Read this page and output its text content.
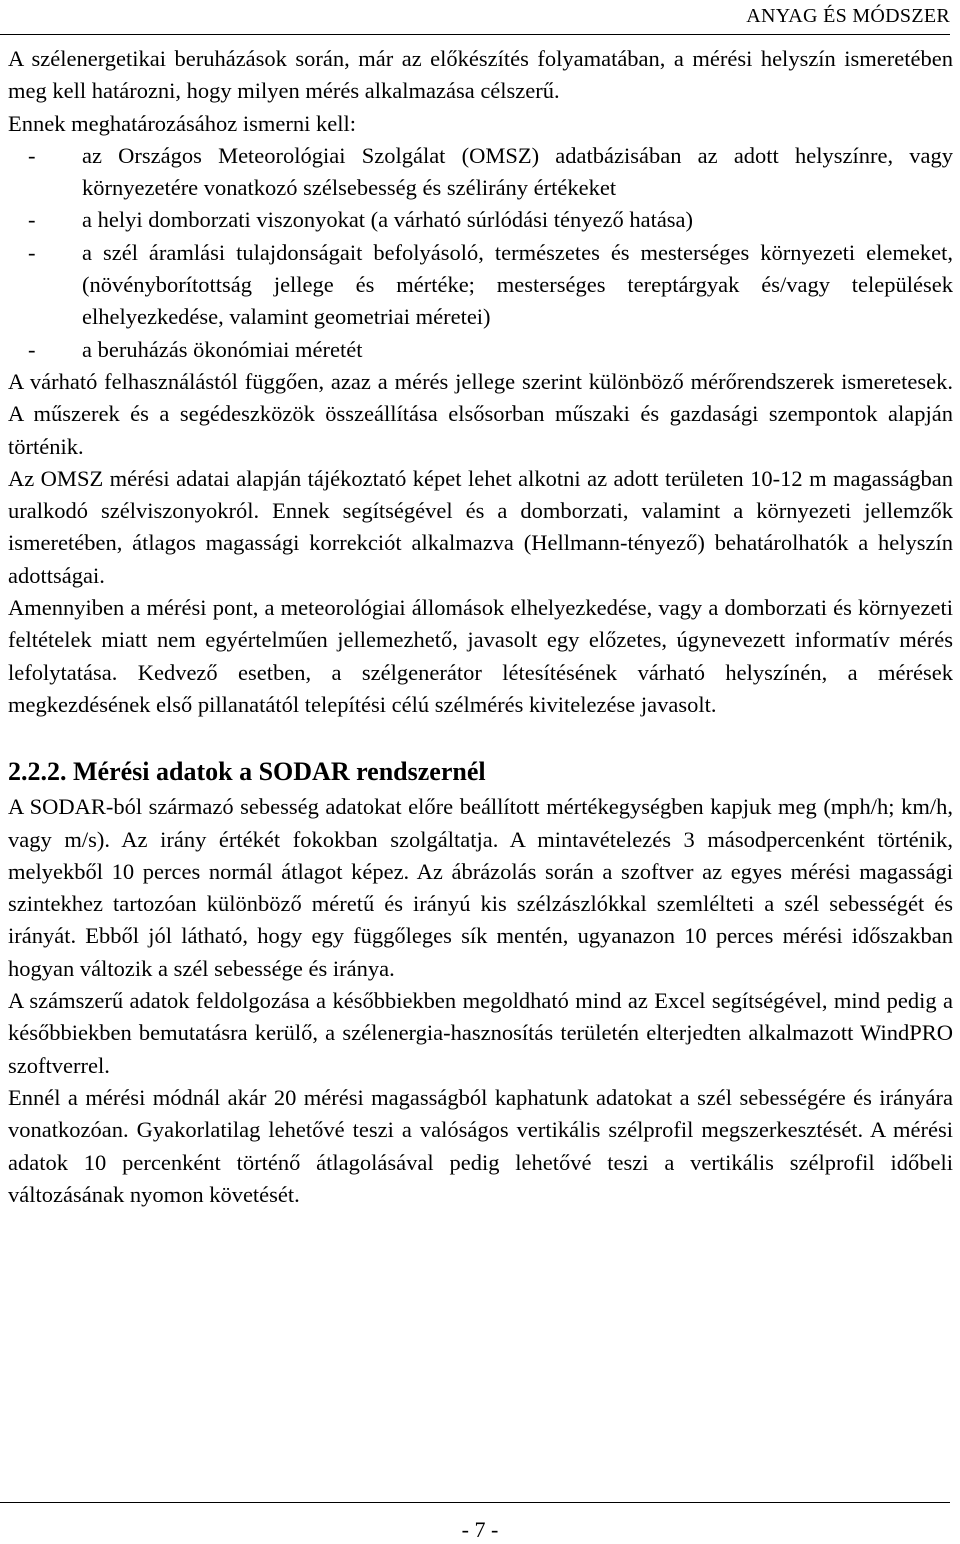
ANYAG ÉS MÓDSZER

A szélenergetikai beruházások során, már az előkészítés folyamatában, a mérési helyszín ismeretében meg kell határozni, hogy milyen mérés alkalmazása célszerű.

Ennek meghatározásához ismerni kell:

- az Országos Meteorológiai Szolgálat (OMSZ) adatbázisában az adott helyszínre, vagy környezetére vonatkozó szélsebesség és szélirány értékeket
- a helyi domborzati viszonyokat (a várható súrlódási tényező hatása)
- a szél áramlási tulajdonságait befolyásoló, természetes és mesterséges környezeti elemeket, (növényborítottság jellege és mértéke; mesterséges tereptárgyak és/vagy települések elhelyezkedése, valamint geometriai méretei)
- a beruházás ökonómiai méretét

A várható felhasználástól függően, azaz a mérés jellege szerint különböző mérőrendszerek ismeretesek. A műszerek és a segédeszközök összeállítása elsősorban műszaki és gazdasági szempontok alapján történik.

Az OMSZ mérési adatai alapján tájékoztató képet lehet alkotni az adott területen 10-12 m magasságban uralkodó szélviszonyokról. Ennek segítségével és a domborzati, valamint a környezeti jellemzők ismeretében, átlagos magassági korrekciót alkalmazva (Hellmann-tényező) behatárolhatók a helyszín adottságai.

Amennyiben a mérési pont, a meteorológiai állomások elhelyezkedése, vagy a domborzati és környezeti feltételek miatt nem egyértelműen jellemezhető, javasolt egy előzetes, úgynevezett informatív mérés lefolytatása. Kedvező esetben, a szélgenerátor létesítésének várható helyszínén, a mérések megkezdésének első pillanatától telepítési célú szélmérés kivitelezése javasolt.

2.2.2. Mérési adatok a SODAR rendszernél

A SODAR-ból származó sebesség adatokat előre beállított mértékegységben kapjuk meg (mph/h; km/h, vagy m/s). Az irány értékét fokokban szolgáltatja. A mintavételezés 3 másodpercenként történik, melyekből 10 perces normál átlagot képez. Az ábrázolás során a szoftver az egyes mérési magassági szintekhez tartozóan különböző méretű és irányú kis szélzászlókkal szemlélteti a szél sebességét és irányát. Ebből jól látható, hogy egy függőleges sík mentén, ugyanazon 10 perces mérési időszakban hogyan változik a szél sebessége és iránya.

A számszerű adatok feldolgozása a későbbiekben megoldható mind az Excel segítségével, mind pedig a későbbiekben bemutatásra kerülő, a szélenergia-hasznosítás területén elterjedten alkalmazott WindPRO szoftverrel.

Ennél a mérési módnál akár 20 mérési magasságból kaphatunk adatokat a szél sebességére és irányára vonatkozóan. Gyakorlatilag lehetővé teszi a valóságos vertikális szélprofil megszerkesztését. A mérési adatok 10 percenként történő átlagolásával pedig lehetővé teszi a vertikális szélprofil időbeli változásának nyomon követését.

- 7 -
